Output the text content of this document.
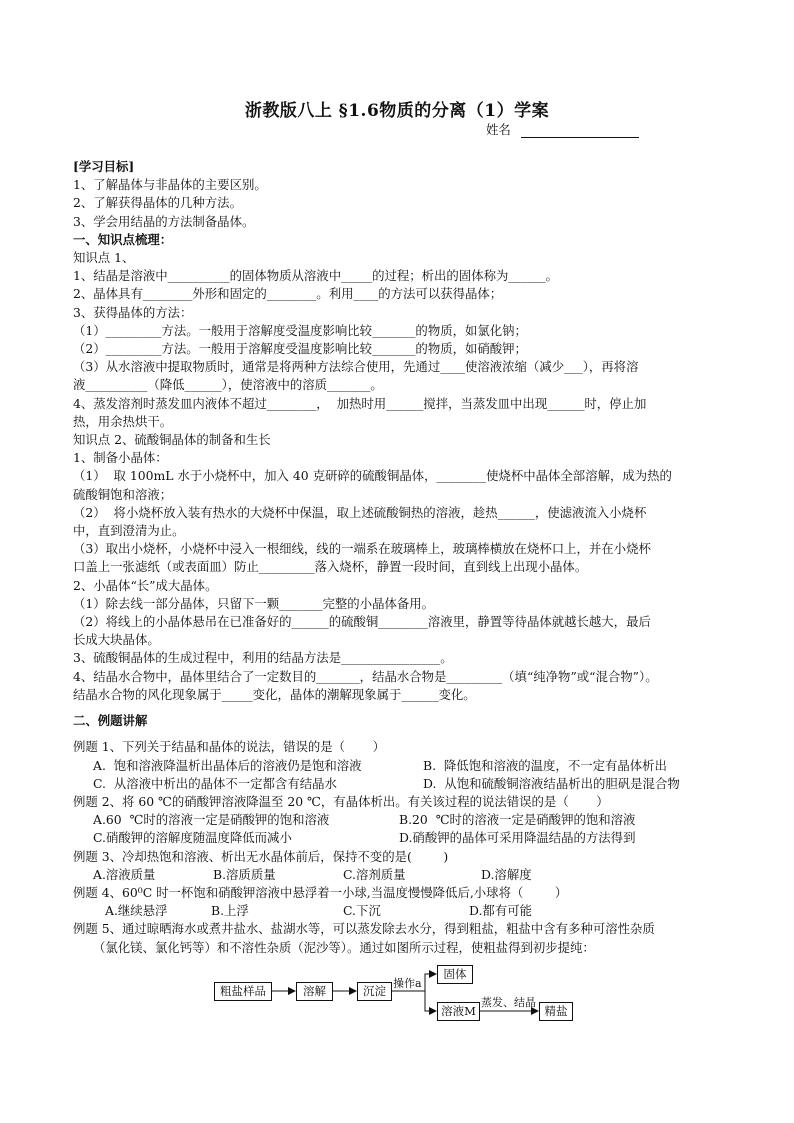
浙教版八上 §1.6物质的分离（1）学案
姓名

[学习目标]

1、了解晶体与非晶体的主要区别。

2、了解获得晶体的几种方法。

3、学会用结晶的方法制备晶体。

一、知识点梳理：

知识点 1、

1、结晶是溶液中__________的固体物质从溶液中_____的过程；析出的固体称为______。

2、晶体具有________外形和固定的________。利用____的方法可以获得晶体；

3、获得晶体的方法：

（1）_________方法。一般用于溶解度受温度影响比较_______的物质，如氯化钠；

（2）_________方法。一般用于溶解度受温度影响比较_______的物质，如硝酸钾；

（3）从水溶液中提取物质时，通常是将两种方法综合使用，先通过____使溶液浓缩（减少___），再将溶

液__________（降低______），使溶液中的溶质_______。

4、蒸发溶剂时蒸发皿内液体不超过________，  加热时用______搅拌，当蒸发皿中出现______时，停止加

热，用余热烘干。

知识点 2、硫酸铜晶体的制备和生长

1、制备小晶体：

（1）  取 100mL 水于小烧杯中，加入 40 克研碎的硫酸铜晶体，________使烧杯中晶体全部溶解，成为热的

硫酸铜饱和溶液；

（2）  将小烧杯放入装有热水的大烧杯中保温，取上述硫酸铜热的溶液，趁热______，使滤液流入小烧杯

中，直到澄清为止。

（3）取出小烧杯，小烧杯中浸入一根细线，线的一端系在玻璃棒上，玻璃棒横放在烧杯口上，并在小烧杯

口盖上一张滤纸（或表面皿）防止_________落入烧杯，静置一段时间，直到线上出现小晶体。

2、小晶体“长”成大晶体。

（1）除去线一部分晶体，只留下一颗_______完整的小晶体备用。

（2）将线上的小晶体悬吊在已准备好的______的硫酸铜________溶液里，静置等待晶体就越长越大，最后

长成大块晶体。

3、硫酸铜晶体的生成过程中，利用的结晶方法是________________。

4、结晶水合物中，晶体里结合了一定数目的_______，结晶水合物是_________（填“纯净物”或“混合物”）。

结晶水合物的风化现象属于_____变化，晶体的潮解现象属于______变化。

二、例题讲解

例题 1、下列关于结晶和晶体的说法，错误的是（       ）

A.  饱和溶液降温析出晶体后的溶液仍是饱和溶液	B.  降低饱和溶液的温度，不一定有晶体析出
C.  从溶液中析出的晶体不一定都含有结晶水	D.  从饱和硫酸铜溶液结晶析出的胆矾是混合物

例题 2、将 60 ℃的硝酸钾溶液降温至 20 ℃，有晶体析出。有关该过程的说法错误的是（       ）

A.60  ℃时的溶液一定是硝酸钾的饱和溶液	B.20  ℃时的溶液一定是硝酸钾的饱和溶液
C.硝酸钾的溶解度随温度降低而减小	D.硝酸钾的晶体可采用降温结晶的方法得到

例题 3、冷却热饱和溶液、析出无水晶体前后，保持不变的是(        )

A.溶液质量	B.溶质质量	C.溶剂质量	D.溶解度

例题 4、60⁰C 时一杯饱和硝酸钾溶液中悬浮着一小球,当温度慢慢降低后,小球将（        ）

A.继续悬浮	B.上浮	C.下沉	D.都有可能

例题 5、通过晾晒海水或煮井盐水、盐湖水等，可以蒸发除去水分，得到粗盐，粗盐中含有多种可溶性杂质

（氯化镁、氯化钙等）和不溶性杂质（泥沙等）。通过如图所示过程，使粗盐得到初步提纯：

粗盐样品	溶解	沉淀
操作a
固体
溶液M
蒸发、结晶
精盐
